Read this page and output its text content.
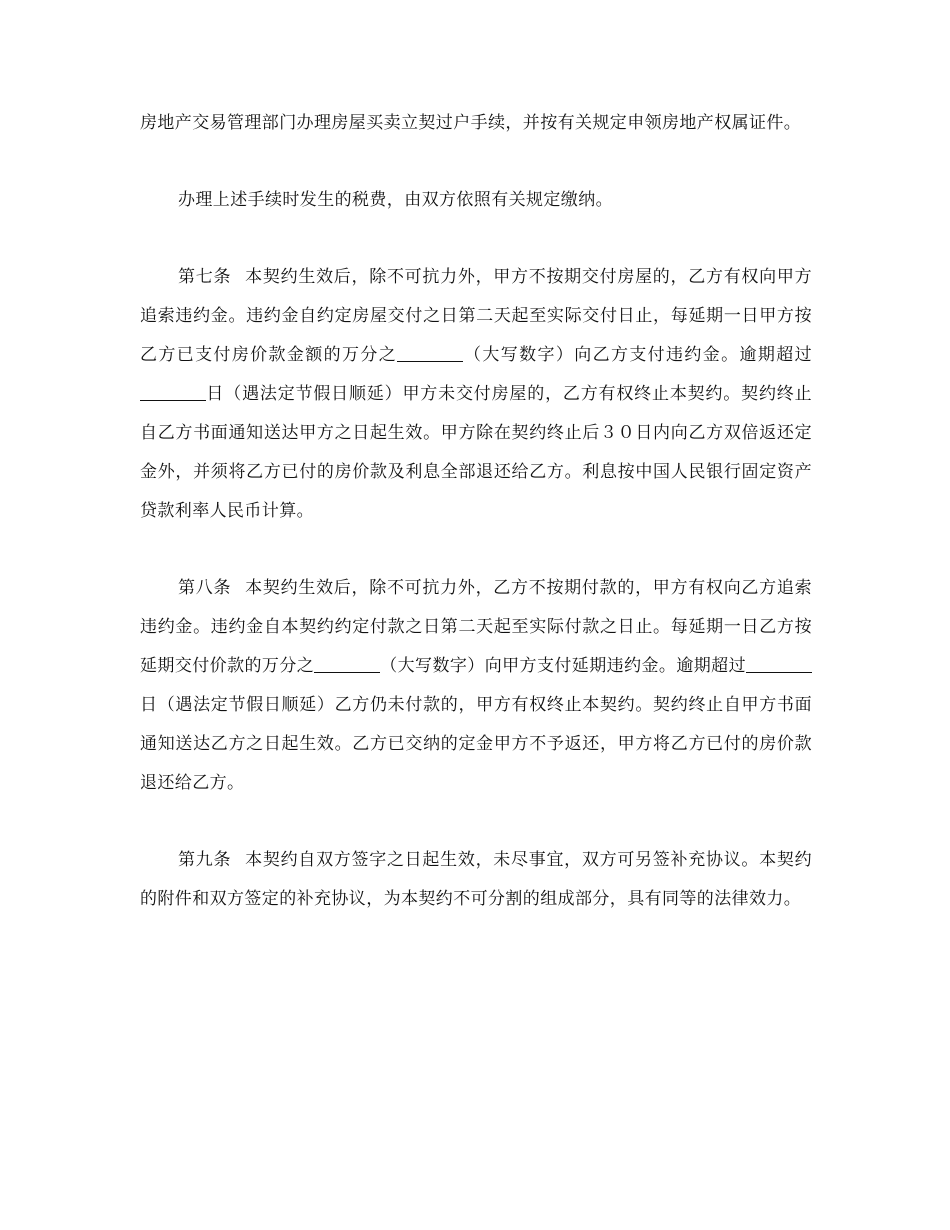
房地产交易管理部门办理房屋买卖立契过户手续，并按有关规定申领房地产权属证件。

办理上述手续时发生的税费，由双方依照有关规定缴纳。

第七条 本契约生效后，除不可抗力外，甲方不按期交付房屋的，乙方有权向甲方追索违约金。违约金自约定房屋交付之日第二天起至实际交付日止，每延期一日甲方按乙方已支付房价款金额的万分之	（大写数字）向乙方支付违约金。逾期超过日（遇法定节假日顺延）甲方未交付房屋的，乙方有权终止本契约。契约终止自乙方书面通知送达甲方之日起生效。甲方除在契约终止后３０日内向乙方双倍返还定金外，并须将乙方已付的房价款及利息全部退还给乙方。利息按中国人民银行固定资产贷款利率人民币计算。

第八条 本契约生效后，除不可抗力外，乙方不按期付款的，甲方有权向乙方追索违约金。违约金自本契约约定付款之日第二天起至实际付款之日止。每延期一日乙方按延期交付价款的万分之	（大写数字）向甲方支付延期违约金。逾期超过日（遇法定节假日顺延）乙方仍未付款的，甲方有权终止本契约。契约终止自甲方书面通知送达乙方之日起生效。乙方已交纳的定金甲方不予返还，甲方将乙方已付的房价款退还给乙方。

第九条 本契约自双方签字之日起生效，未尽事宜，双方可另签补充协议。本契约的附件和双方签定的补充协议，为本契约不可分割的组成部分，具有同等的法律效力。
